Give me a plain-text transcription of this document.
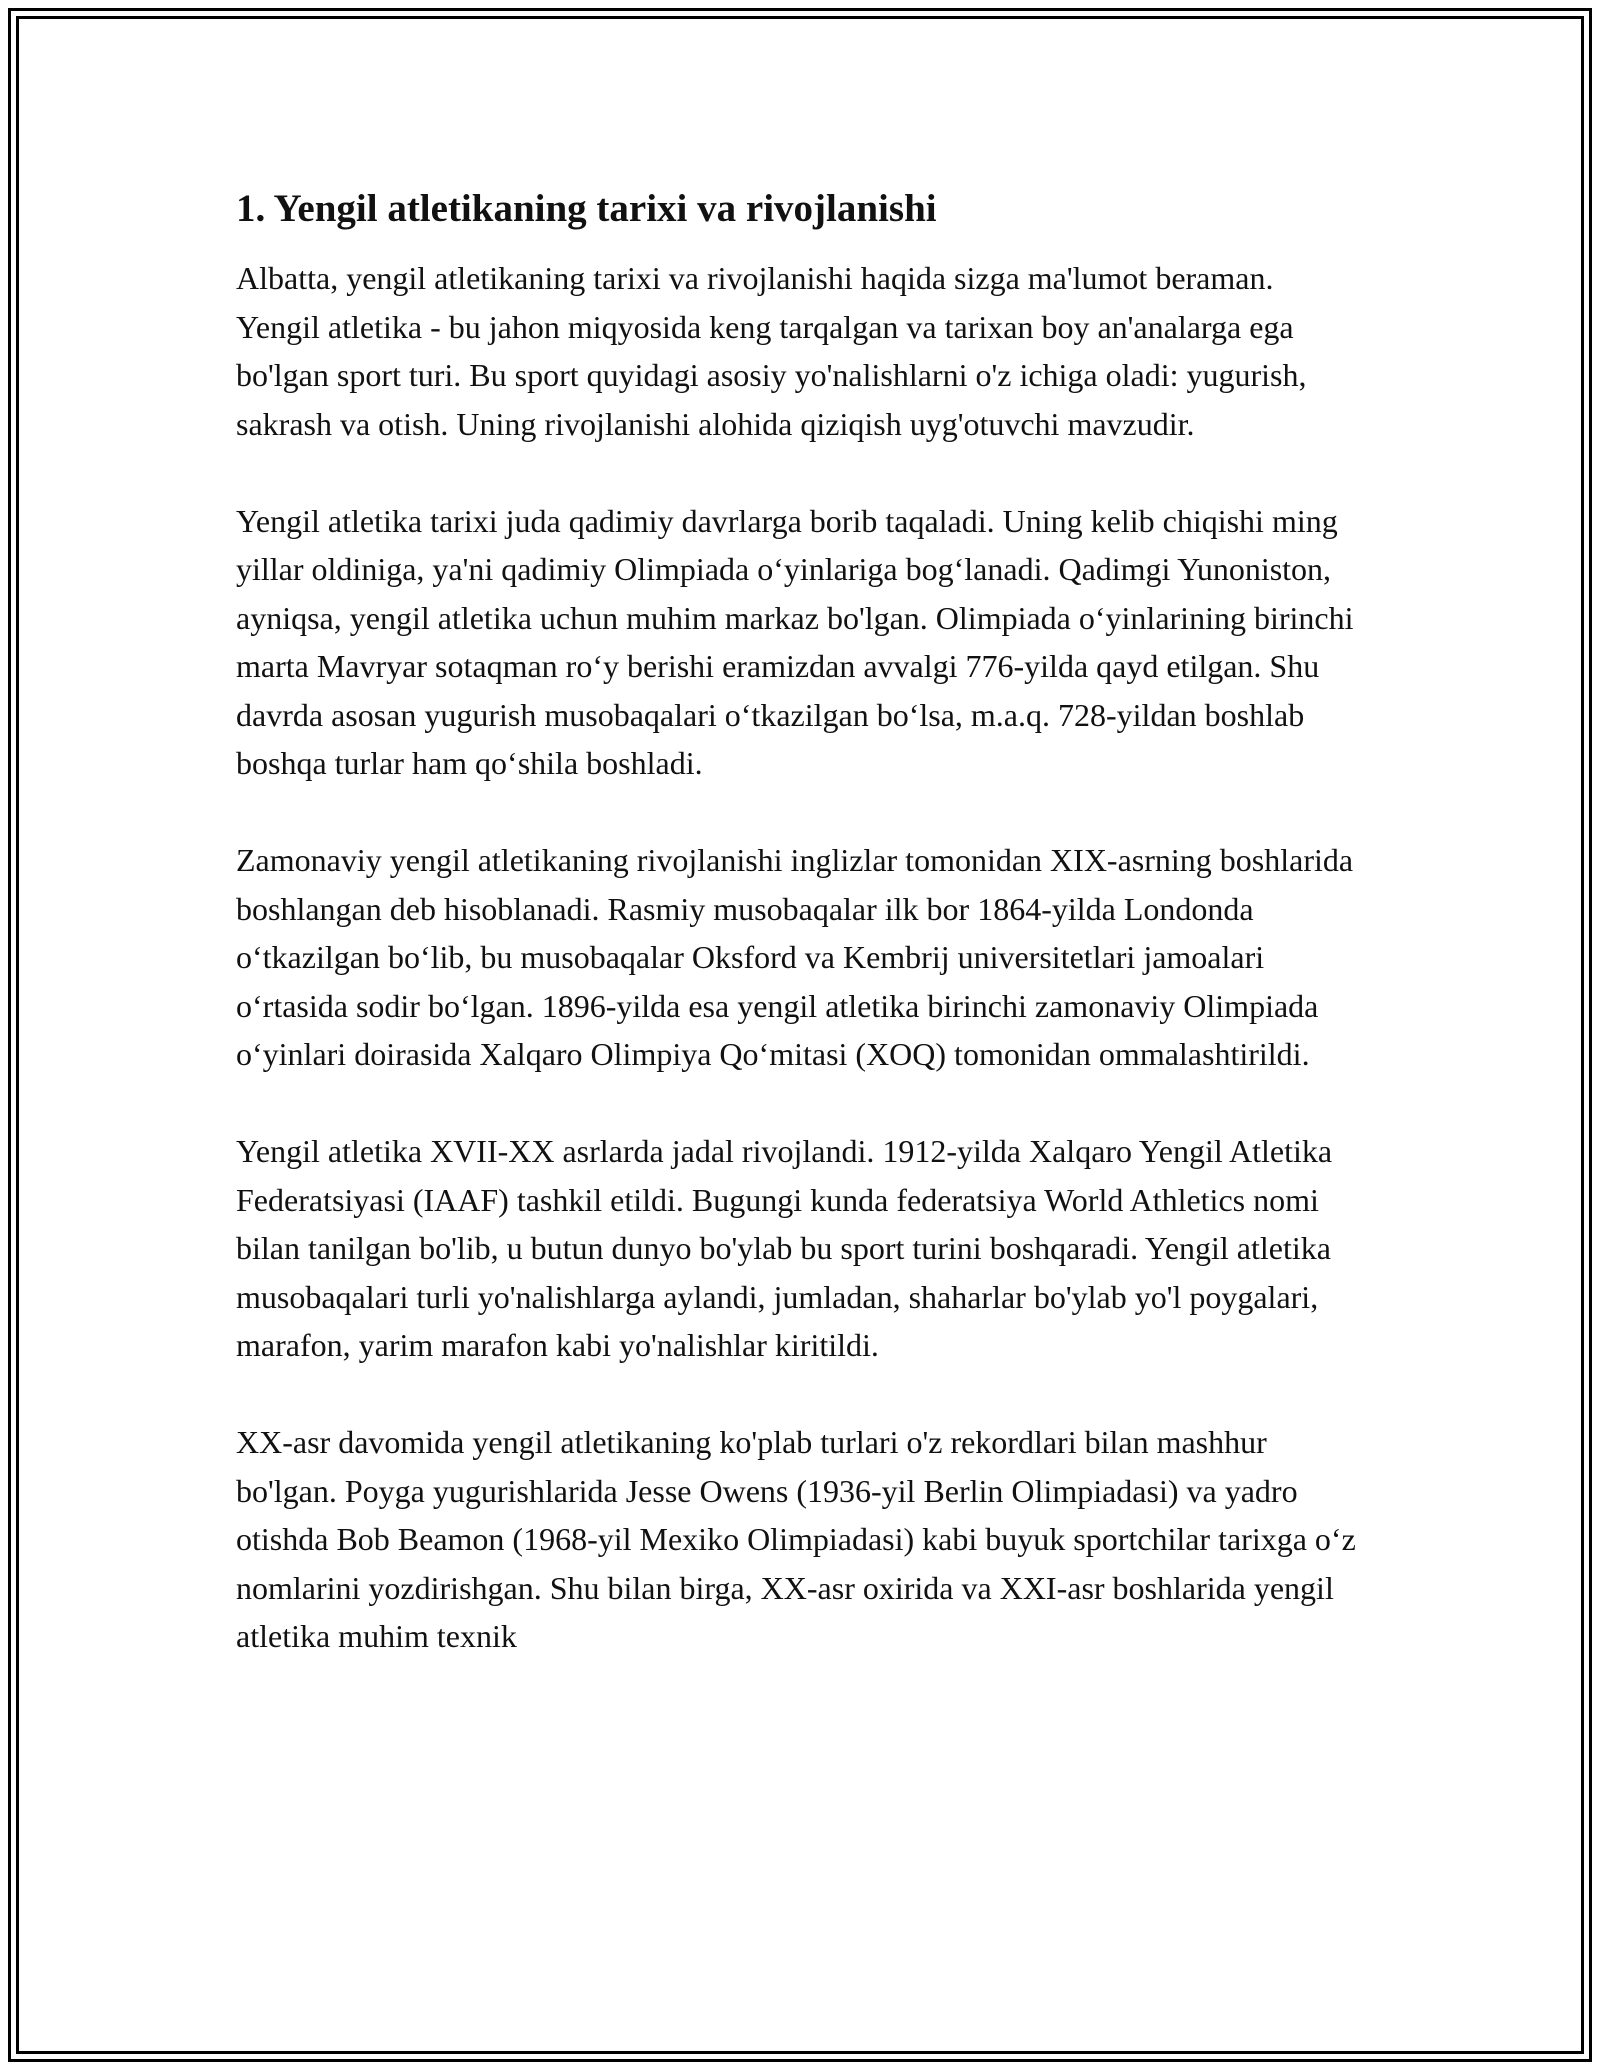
1. Yengil atletikaning tarixi va rivojlanishi

Albatta, yengil atletikaning tarixi va rivojlanishi haqida sizga ma'lumot beraman. Yengil atletika - bu jahon miqyosida keng tarqalgan va tarixan boy an'analarga ega bo'lgan sport turi. Bu sport quyidagi asosiy yo'nalishlarni o'z ichiga oladi: yugurish, sakrash va otish. Uning rivojlanishi alohida qiziqish uyg'otuvchi mavzudir.

Yengil atletika tarixi juda qadimiy davrlarga borib taqaladi. Uning kelib chiqishi ming yillar oldiniga, ya'ni qadimiy Olimpiada o‘yinlariga bog‘lanadi. Qadimgi Yunoniston, ayniqsa, yengil atletika uchun muhim markaz bo'lgan. Olimpiada o‘yinlarining birinchi marta Mavryar sotaqman ro‘y berishi eramizdan avvalgi 776-yilda qayd etilgan. Shu davrda asosan yugurish musobaqalari o‘tkazilgan bo‘lsa, m.a.q. 728-yildan boshlab boshqa turlar ham qo‘shila boshladi.

Zamonaviy yengil atletikaning rivojlanishi inglizlar tomonidan XIX-asrning boshlarida boshlangan deb hisoblanadi. Rasmiy musobaqalar ilk bor 1864-yilda Londonda o‘tkazilgan bo‘lib, bu musobaqalar Oksford va Kembrij universitetlari jamoalari o‘rtasida sodir bo‘lgan. 1896-yilda esa yengil atletika birinchi zamonaviy Olimpiada o‘yinlari doirasida Xalqaro Olimpiya Qo‘mitasi (XOQ) tomonidan ommalashtirildi.

Yengil atletika XVII-XX asrlarda jadal rivojlandi. 1912-yilda Xalqaro Yengil Atletika Federatsiyasi (IAAF) tashkil etildi. Bugungi kunda federatsiya World Athletics nomi bilan tanilgan bo'lib, u butun dunyo bo'ylab bu sport turini boshqaradi. Yengil atletika musobaqalari turli yo'nalishlarga aylandi, jumladan, shaharlar bo'ylab yo'l poygalari, marafon, yarim marafon kabi yo'nalishlar kiritildi.

XX-asr davomida yengil atletikaning ko'plab turlari o'z rekordlari bilan mashhur bo'lgan. Poyga yugurishlarida Jesse Owens (1936-yil Berlin Olimpiadasi) va yadro otishda Bob Beamon (1968-yil Mexiko Olimpiadasi) kabi buyuk sportchilar tarixga o‘z nomlarini yozdirishgan. Shu bilan birga, XX-asr oxirida va XXI-asr boshlarida yengil atletika muhim texnik
